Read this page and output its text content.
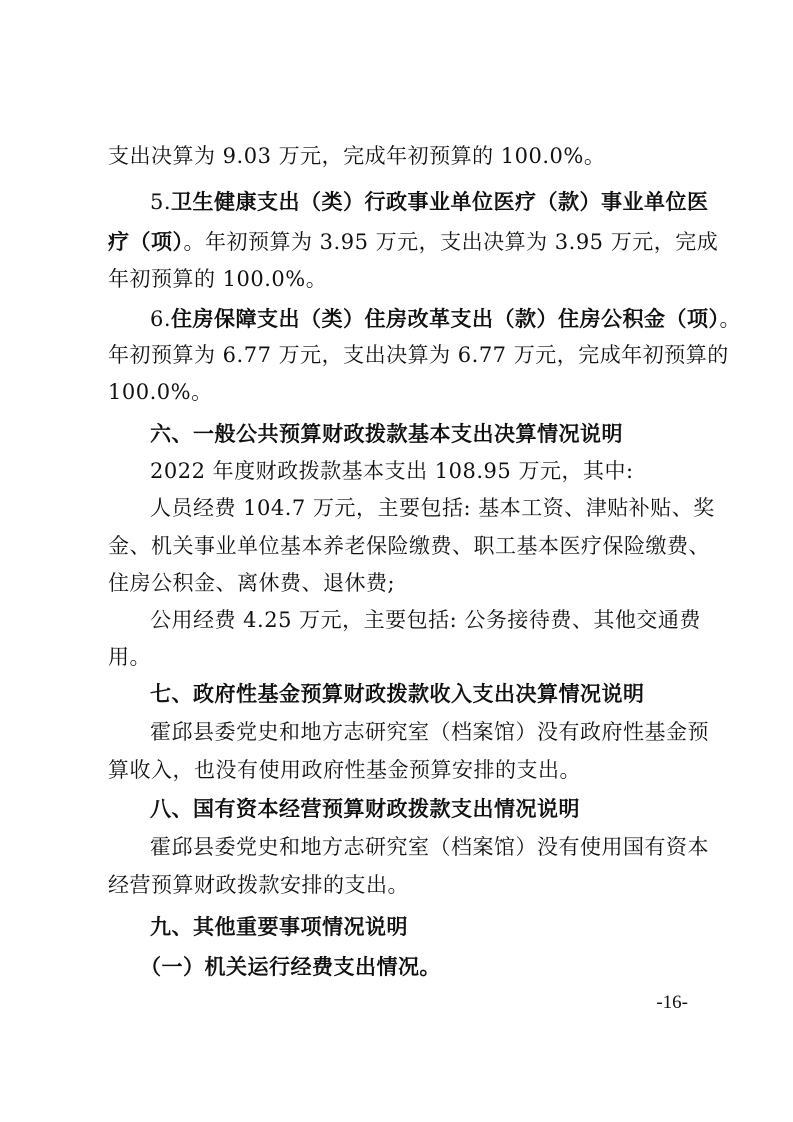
支出决算为 9.03 万元，完成年初预算的 100.0%。
5.卫生健康支出（类）行政事业单位医疗（款）事业单位医
疗（项）。年初预算为 3.95 万元，支出决算为 3.95 万元，完成
年初预算的 100.0%。
6.住房保障支出（类）住房改革支出（款）住房公积金（项）。
年初预算为 6.77 万元，支出决算为 6.77 万元，完成年初预算的
100.0%。
六、一般公共预算财政拨款基本支出决算情况说明
2022 年度财政拨款基本支出 108.95 万元，其中:
人员经费 104.7 万元，主要包括: 基本工资、津贴补贴、奖
金、机关事业单位基本养老保险缴费、职工基本医疗保险缴费、
住房公积金、离休费、退休费;
公用经费 4.25 万元，主要包括: 公务接待费、其他交通费
用。
七、政府性基金预算财政拨款收入支出决算情况说明
霍邱县委党史和地方志研究室（档案馆）没有政府性基金预
算收入，也没有使用政府性基金预算安排的支出。
八、国有资本经营预算财政拨款支出情况说明
霍邱县委党史和地方志研究室（档案馆）没有使用国有资本
经营预算财政拨款安排的支出。
九、其他重要事项情况说明
（一）机关运行经费支出情况。
-16-
